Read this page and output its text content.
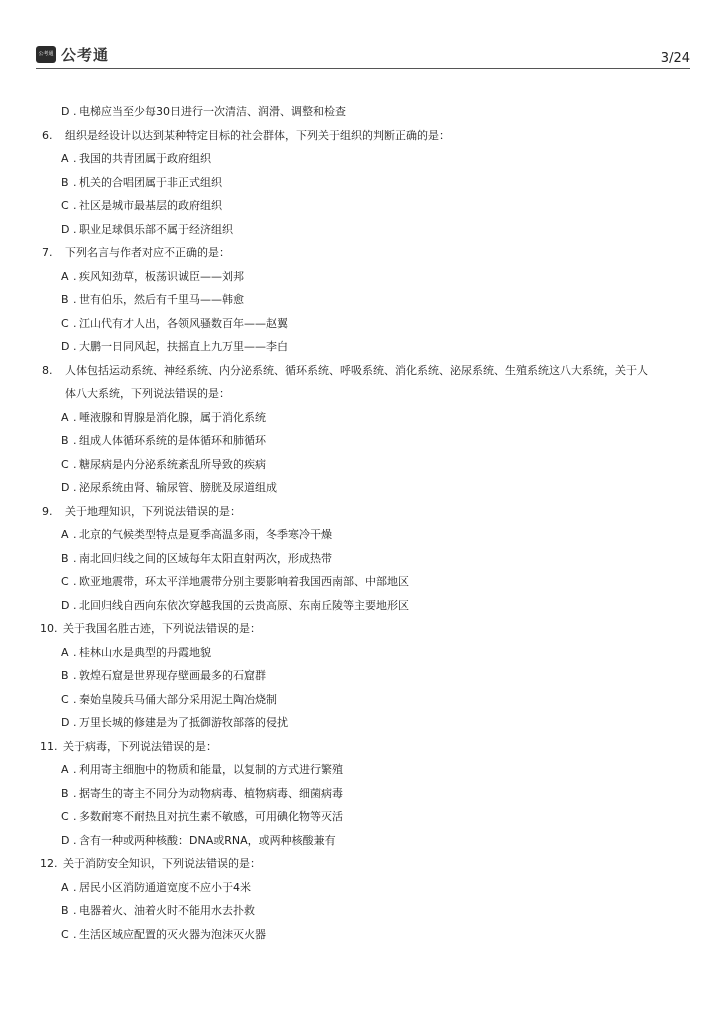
公考通 公考通	3/24
D . 电梯应当至少每30日进行一次清洁、润滑、调整和检查
6. 组织是经设计以达到某种特定目标的社会群体，下列关于组织的判断正确的是：
A . 我国的共青团属于政府组织
B . 机关的合唱团属于非正式组织
C . 社区是城市最基层的政府组织
D . 职业足球俱乐部不属于经济组织
7. 下列名言与作者对应不正确的是：
A . 疾风知劲草，板荡识诚臣——刘邦
B . 世有伯乐，然后有千里马——韩愈
C . 江山代有才人出，各领风骚数百年——赵翼
D . 大鹏一日同风起，扶摇直上九万里——李白
8. 人体包括运动系统、神经系统、内分泌系统、循环系统、呼吸系统、消化系统、泌尿系统、生殖系统这八大系统，关于人
体八大系统，下列说法错误的是：
A . 唾液腺和胃腺是消化腺，属于消化系统
B . 组成人体循环系统的是体循环和肺循环
C . 糖尿病是内分泌系统紊乱所导致的疾病
D . 泌尿系统由肾、输尿管、膀胱及尿道组成
9. 关于地理知识，下列说法错误的是：
A . 北京的气候类型特点是夏季高温多雨，冬季寒冷干燥
B . 南北回归线之间的区域每年太阳直射两次，形成热带
C . 欧亚地震带，环太平洋地震带分别主要影响着我国西南部、中部地区
D . 北回归线自西向东依次穿越我国的云贵高原、东南丘陵等主要地形区
10. 关于我国名胜古迹，下列说法错误的是：
A . 桂林山水是典型的丹霞地貌
B . 敦煌石窟是世界现存壁画最多的石窟群
C . 秦始皇陵兵马俑大部分采用泥土陶冶烧制
D . 万里长城的修建是为了抵御游牧部落的侵扰
11. 关于病毒，下列说法错误的是：
A . 利用寄主细胞中的物质和能量，以复制的方式进行繁殖
B . 据寄生的寄主不同分为动物病毒、植物病毒、细菌病毒
C . 多数耐寒不耐热且对抗生素不敏感，可用碘化物等灭活
D . 含有一种或两种核酸：DNA或RNA，或两种核酸兼有
12. 关于消防安全知识，下列说法错误的是：
A . 居民小区消防通道宽度不应小于4米
B . 电器着火、油着火时不能用水去扑救
C . 生活区域应配置的灭火器为泡沫灭火器
